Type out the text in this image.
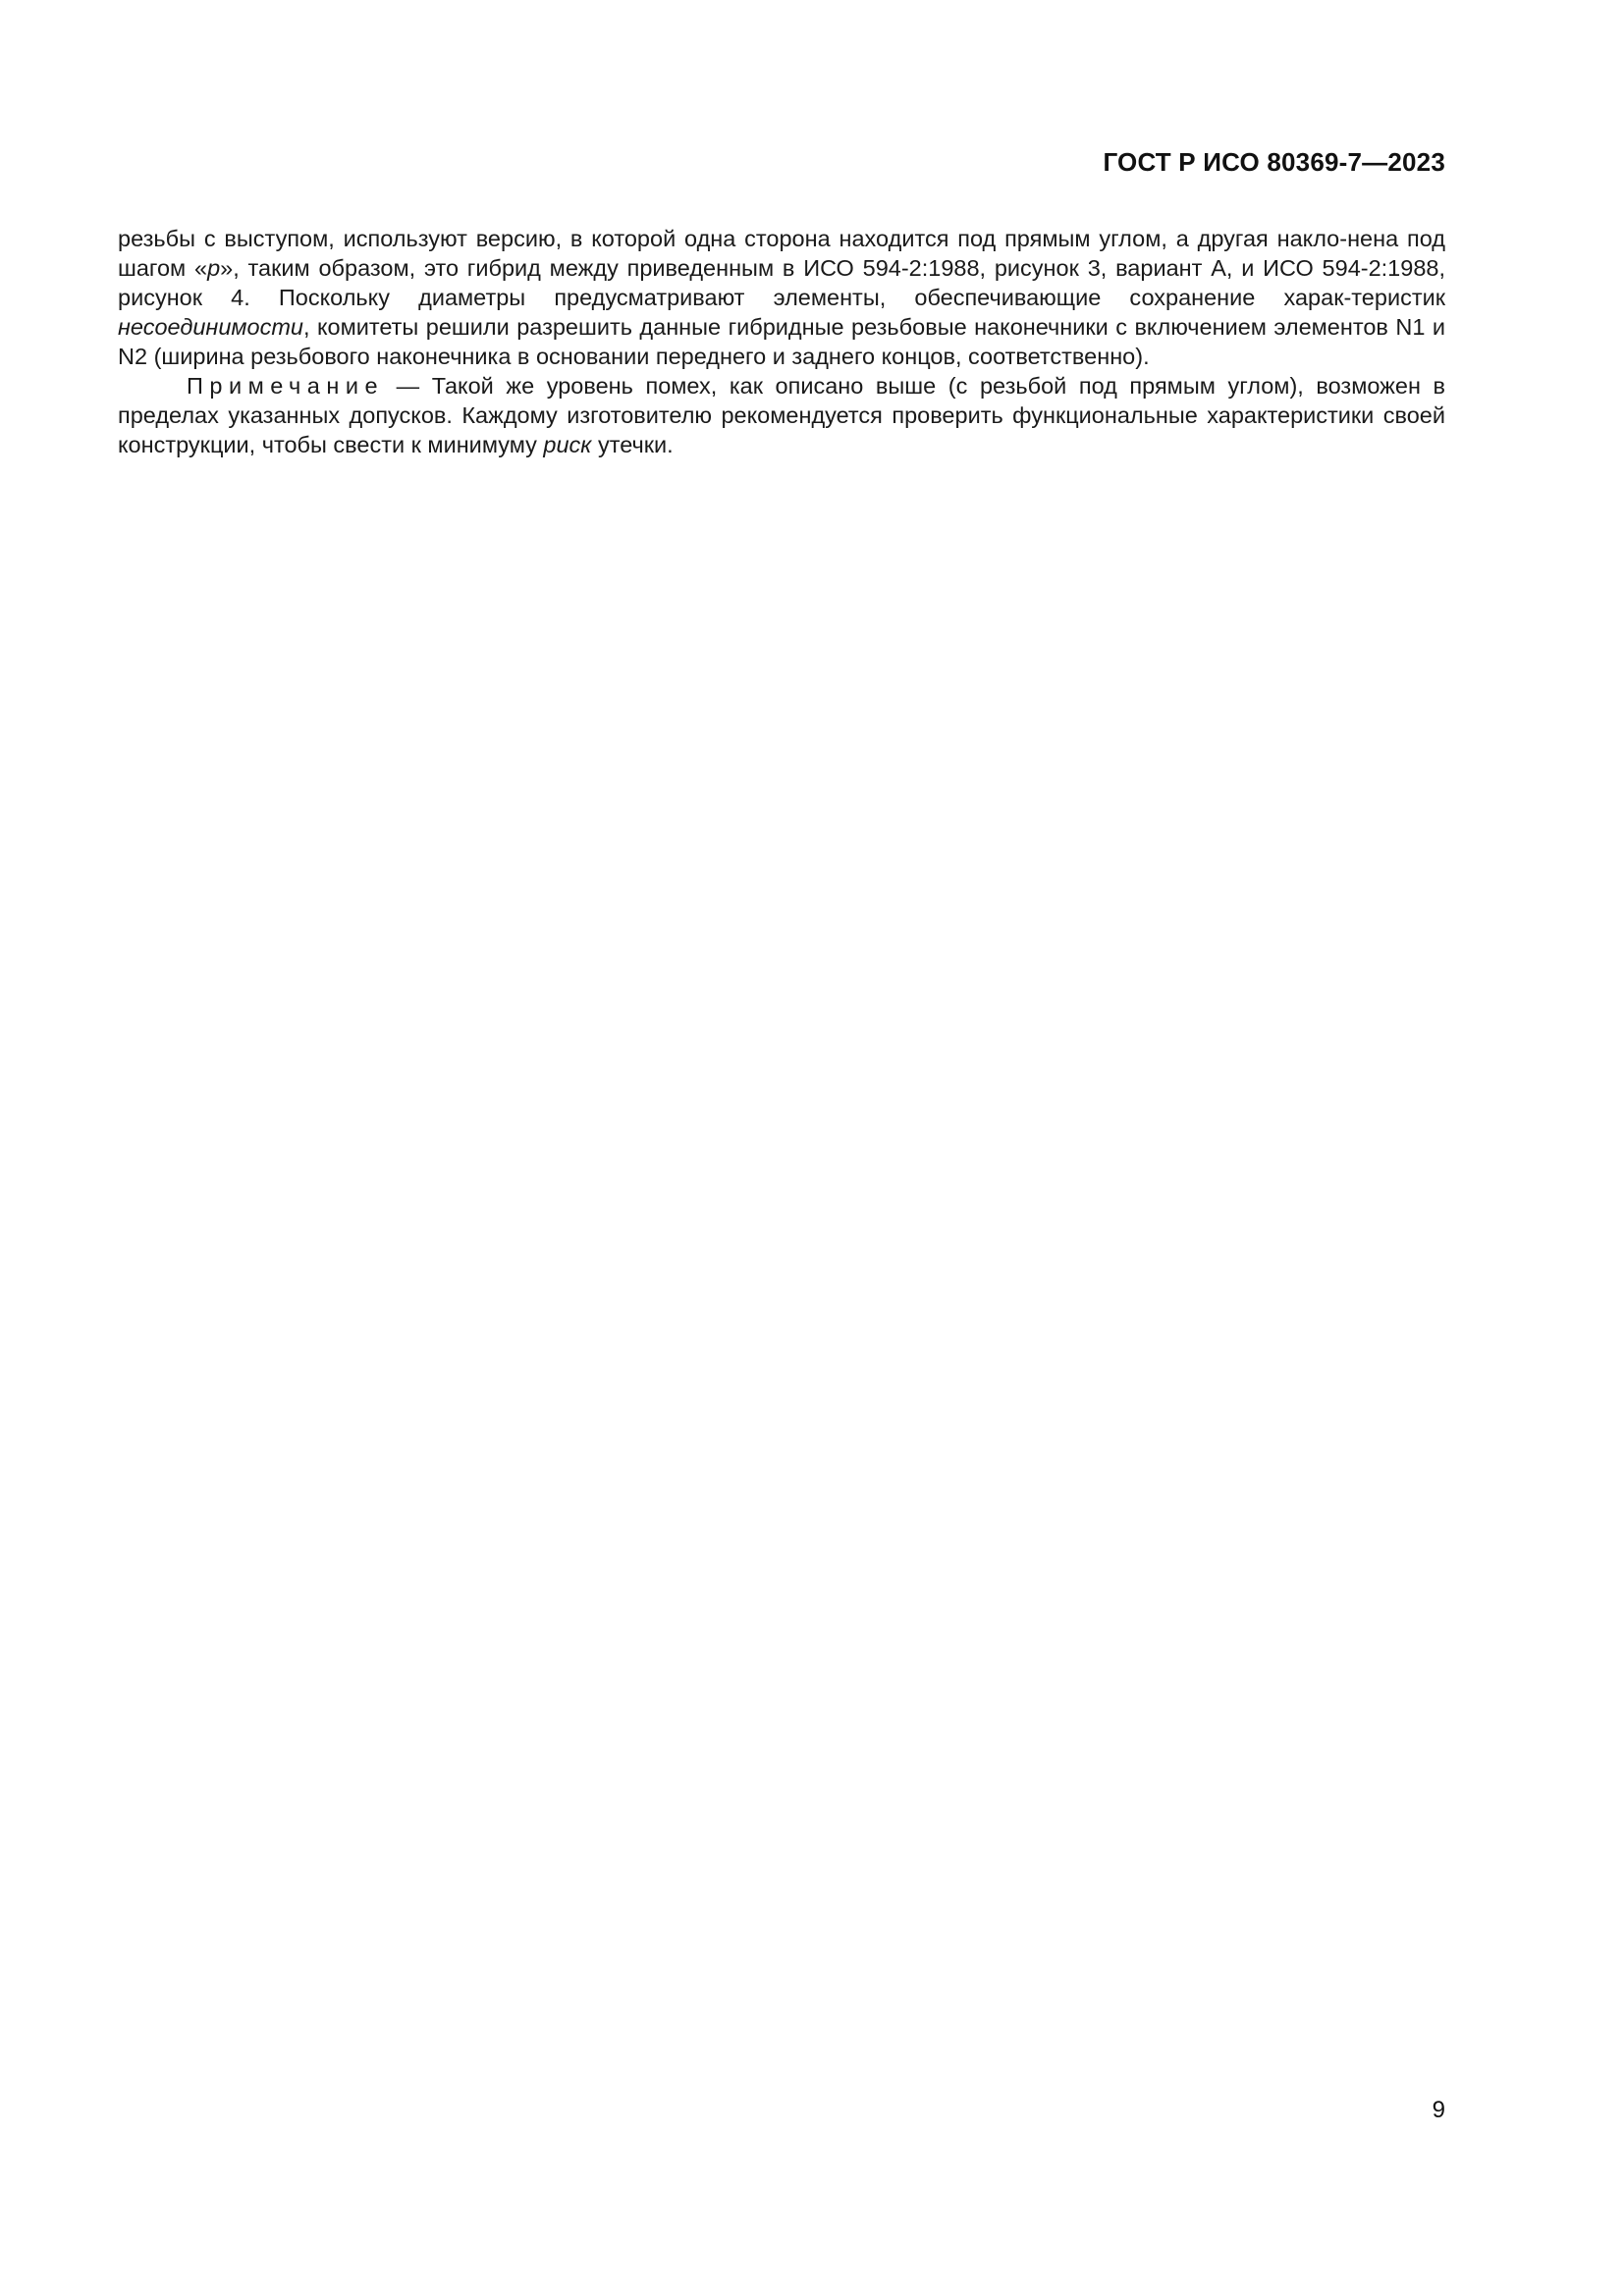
ГОСТ Р ИСО 80369-7—2023

резьбы с выступом, используют версию, в которой одна сторона находится под прямым углом, а другая накло-нена под шагом «p», таким образом, это гибрид между приведенным в ИСО 594-2:1988, рисунок 3, вариант А, и ИСО 594-2:1988, рисунок 4. Поскольку диаметры предусматривают элементы, обеспечивающие сохранение харак-теристик несоединимости, комитеты решили разрешить данные гибридные резьбовые наконечники с включением элементов N1 и N2 (ширина резьбового наконечника в основании переднего и заднего концов, соответственно).

Примечание — Такой же уровень помех, как описано выше (с резьбой под прямым углом), возможен в пределах указанных допусков. Каждому изготовителю рекомендуется проверить функциональные характеристики своей конструкции, чтобы свести к минимуму риск утечки.

9
